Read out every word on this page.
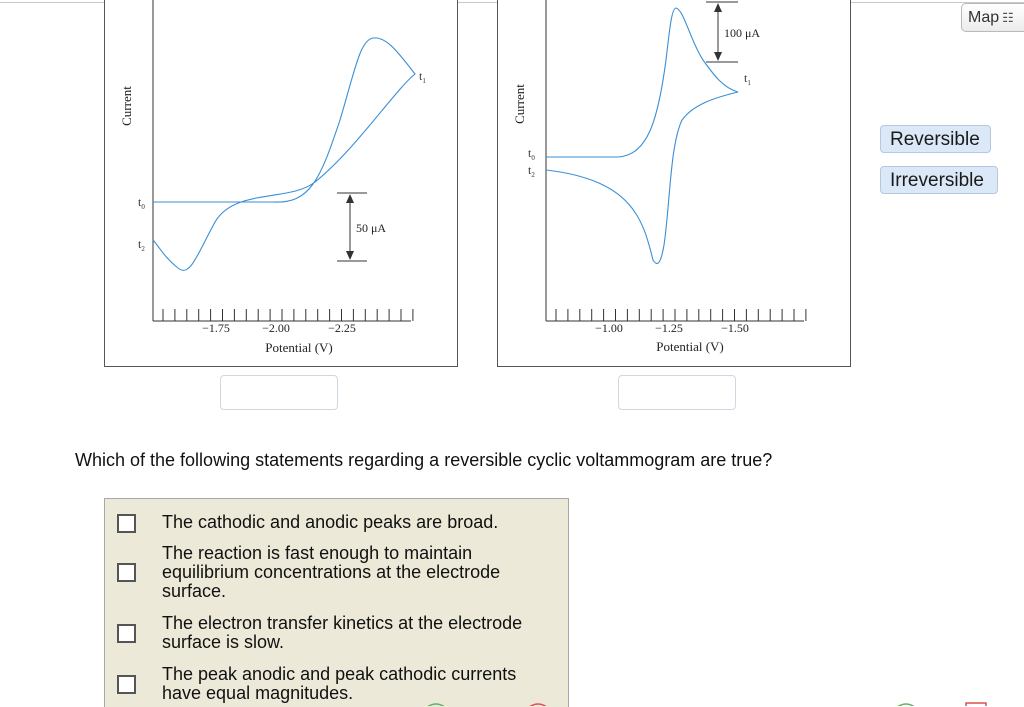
50 μA
$t_0$
$t_2$
$t_1$
Current
−1.75	−2.00	−2.25
Potential (V)
100 μA
$t_0$
$t_2$
$t_1$
Current
−1.00	−1.25	−1.50
Potential (V)
Map ☷
Reversible
Irreversible
Which of the following statements regarding a reversible cyclic voltammogram are true?
The cathodic and anodic peaks are broad.
The reaction is fast enough to maintain equilibrium concentrations at the electrode surface.
The electron transfer kinetics at the electrode surface is slow.
The peak anodic and peak cathodic currents have equal magnitudes.
